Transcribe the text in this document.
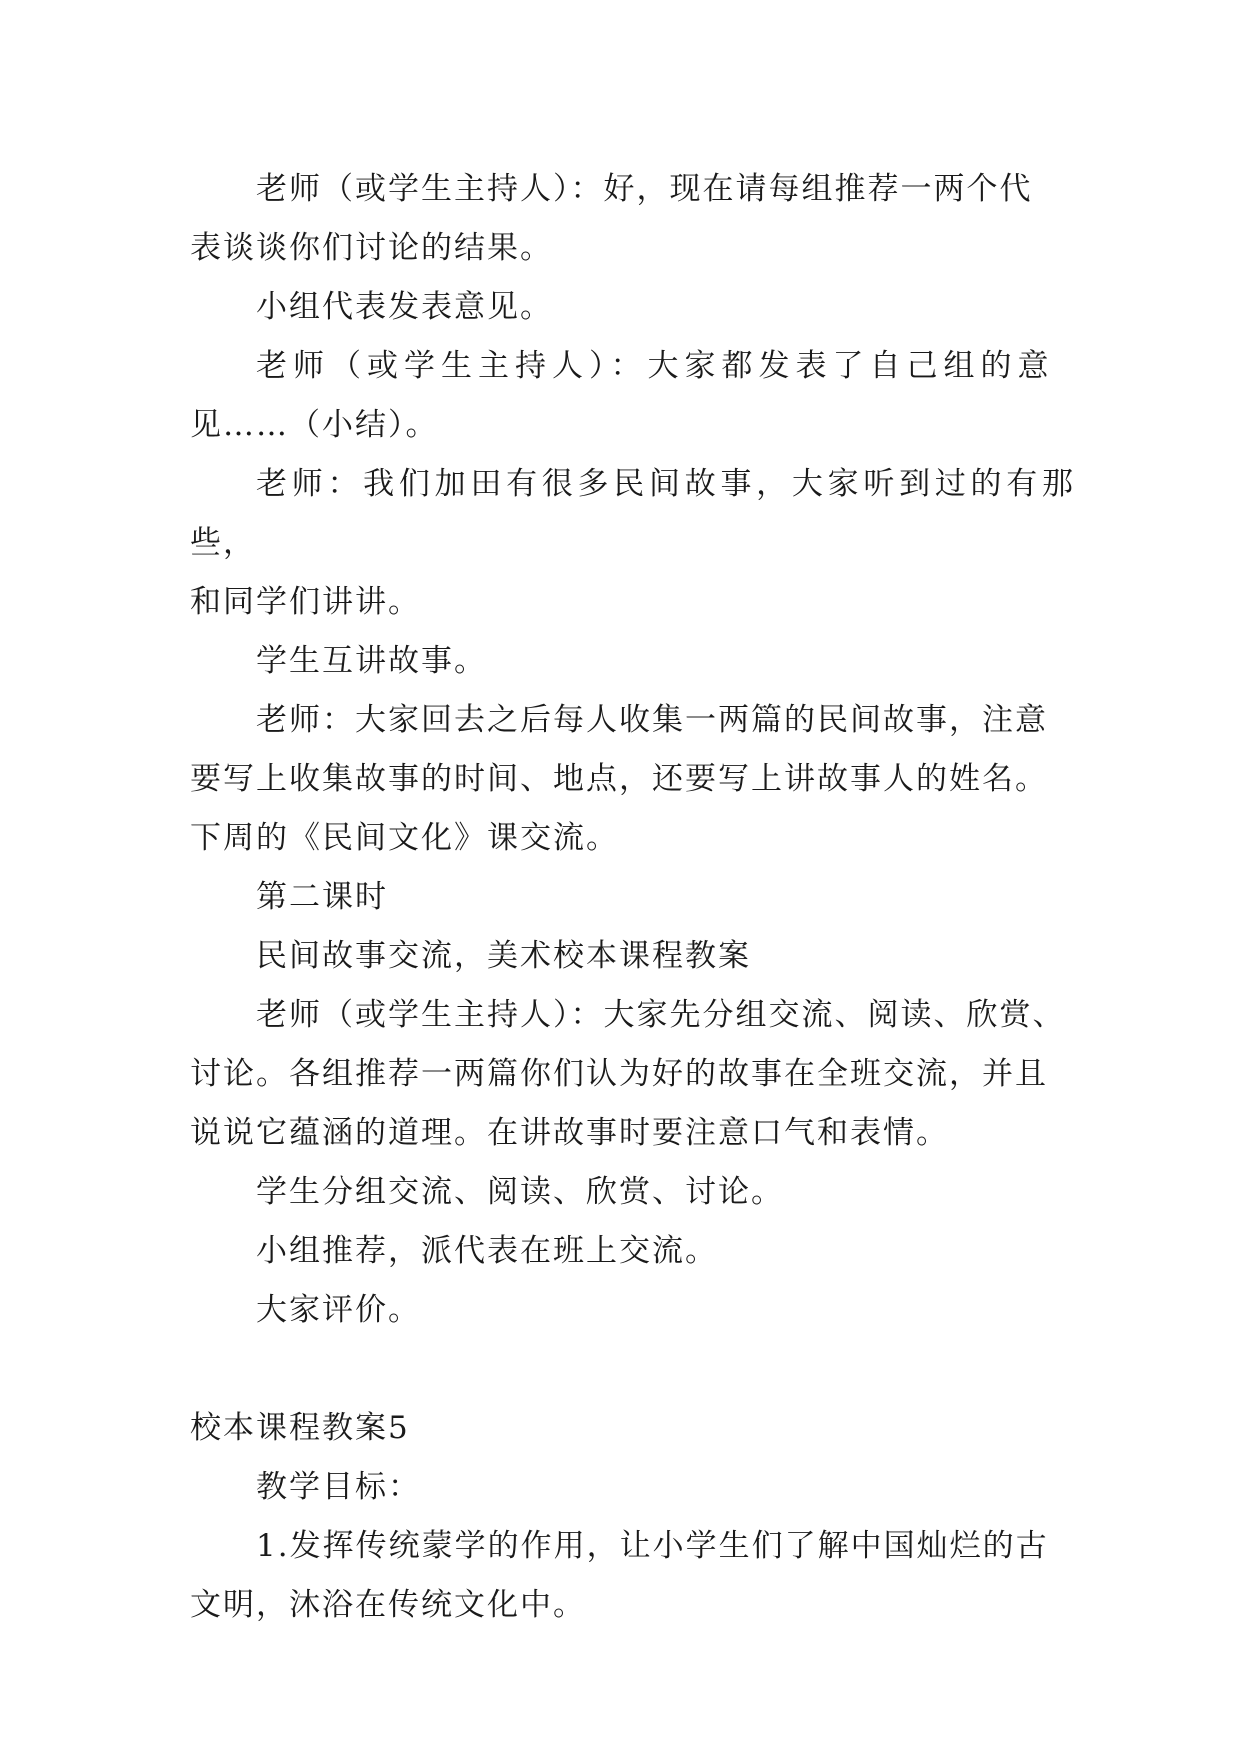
老师（或学生主持人）：好，现在请每组推荐一两个代
表谈谈你们讨论的结果。

小组代表发表意见。

老师（或学生主持人）：大家都发表了自己组的意
见……（小结）。

老师：我们加田有很多民间故事，大家听到过的有那些，
和同学们讲讲。

学生互讲故事。

老师：大家回去之后每人收集一两篇的民间故事，注意
要写上收集故事的时间、地点，还要写上讲故事人的姓名。
下周的《民间文化》课交流。

第二课时

民间故事交流，美术校本课程教案

老师（或学生主持人）：大家先分组交流、阅读、欣赏、
讨论。各组推荐一两篇你们认为好的故事在全班交流，并且
说说它蕴涵的道理。在讲故事时要注意口气和表情。

学生分组交流、阅读、欣赏、讨论。

小组推荐，派代表在班上交流。

大家评价。

校本课程教案5

教学目标：

1.发挥传统蒙学的作用，让小学生们了解中国灿烂的古
文明，沐浴在传统文化中。
